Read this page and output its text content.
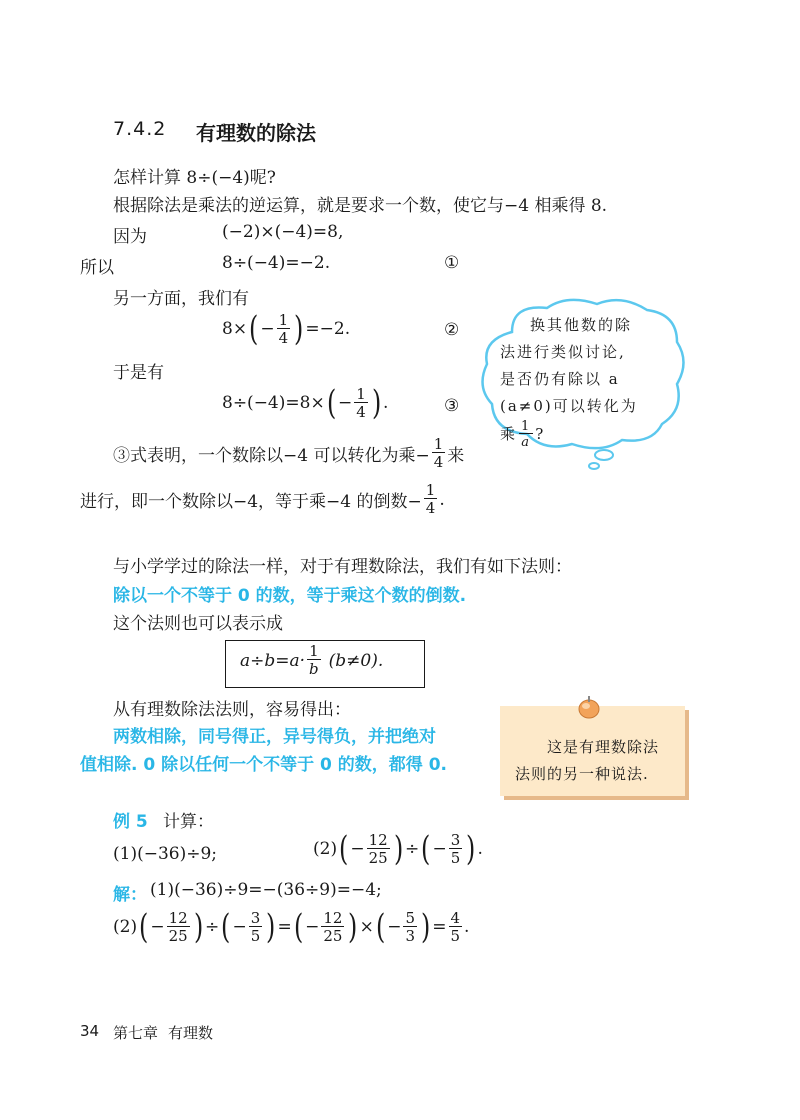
7.4.2 有理数的除法
怎样计算 8÷(−4)呢?
根据除法是乘法的逆运算，就是要求一个数，使它与−4 相乘得 8.
因为	(−2)×(−4)=8,
所以	8÷(−4)=−2.	①
另一方面，我们有
8× ( − $\frac{1}{4}$ ) =−2.	②
于是有
8÷(−4)=8× ( − $\frac{1}{4}$ ) .	③
③式表明，一个数除以−4 可以转化为乘− $\frac{1}{4}$ 来
进行，即一个数除以−4，等于乘−4 的倒数− $\frac{1}{4}$ .
换其他数的除
法进行类似讨论,
是否仍有除以 a
(a≠0)可以转化为
乘 $\frac{1}{a}$ ?
与小学学过的除法一样，对于有理数除法，我们有如下法则：
除以一个不等于 0 的数，等于乘这个数的倒数.
这个法则也可以表示成
$a\div b=a\cdot \frac{1}{b} (b\ne 0)$.
从有理数除法法则，容易得出：
两数相除，同号得正，异号得负，并把绝对
值相除. 0 除以任何一个不等于 0 的数，都得 0.
这是有理数除法
法则的另一种说法.
例 5 计算：
(1)(−36)÷9;	(2) ( − $\frac{12}{25}$ ) ÷ ( − $\frac{3}{5}$ ) .
解： (1)(−36)÷9=−(36÷9)=−4;
(2) ( − $\frac{12}{25}$ ) ÷ ( − $\frac{3}{5}$ ) = ( − $\frac{12}{25}$ ) × ( − $\frac{5}{3}$ ) = $\frac{4}{5}$ .
34 第七章 有理数
